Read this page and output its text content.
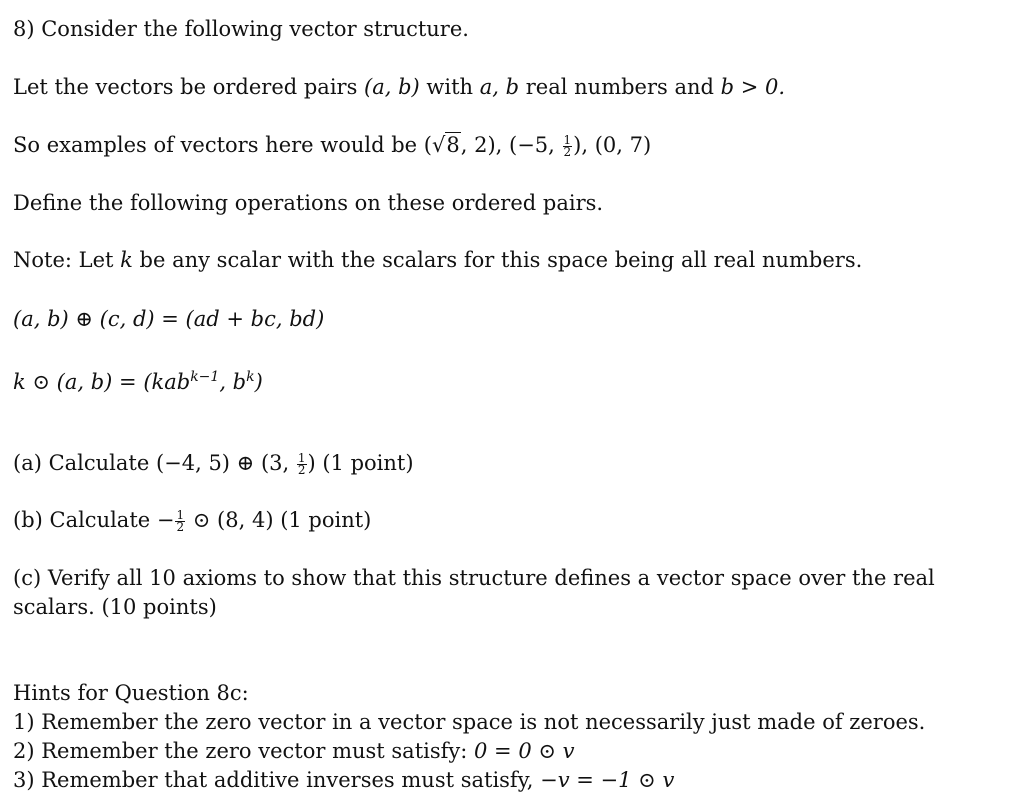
8) Consider the following vector structure.
Let the vectors be ordered pairs (a, b) with a, b real numbers and b > 0.
So examples of vectors here would be (√8, 2), (−5, $\frac{1}{2}$ ), (0, 7)
Define the following operations on these ordered pairs.
Note: Let k be any scalar with the scalars for this space being all real numbers.
(a, b) ⊕ (c, d) = (ad + bc, bd)
k ⊙ (a, b) = (kab$^{k-1}$, $b^k$)
(a) Calculate (−4, 5) ⊕ (3, $\frac{1}{2}$ ) (1 point)
(b) Calculate − $\frac{1}{2}$ ⊙ (8, 4) (1 point)
(c) Verify all 10 axioms to show that this structure defines a vector space over the real scalars. (10 points)
Hints for Question 8c:
1) Remember the zero vector in a vector space is not necessarily just made of zeroes.
2) Remember the zero vector must satisfy: 0 = 0 ⊙ v
3) Remember that additive inverses must satisfy, −v = −1 ⊙ v
